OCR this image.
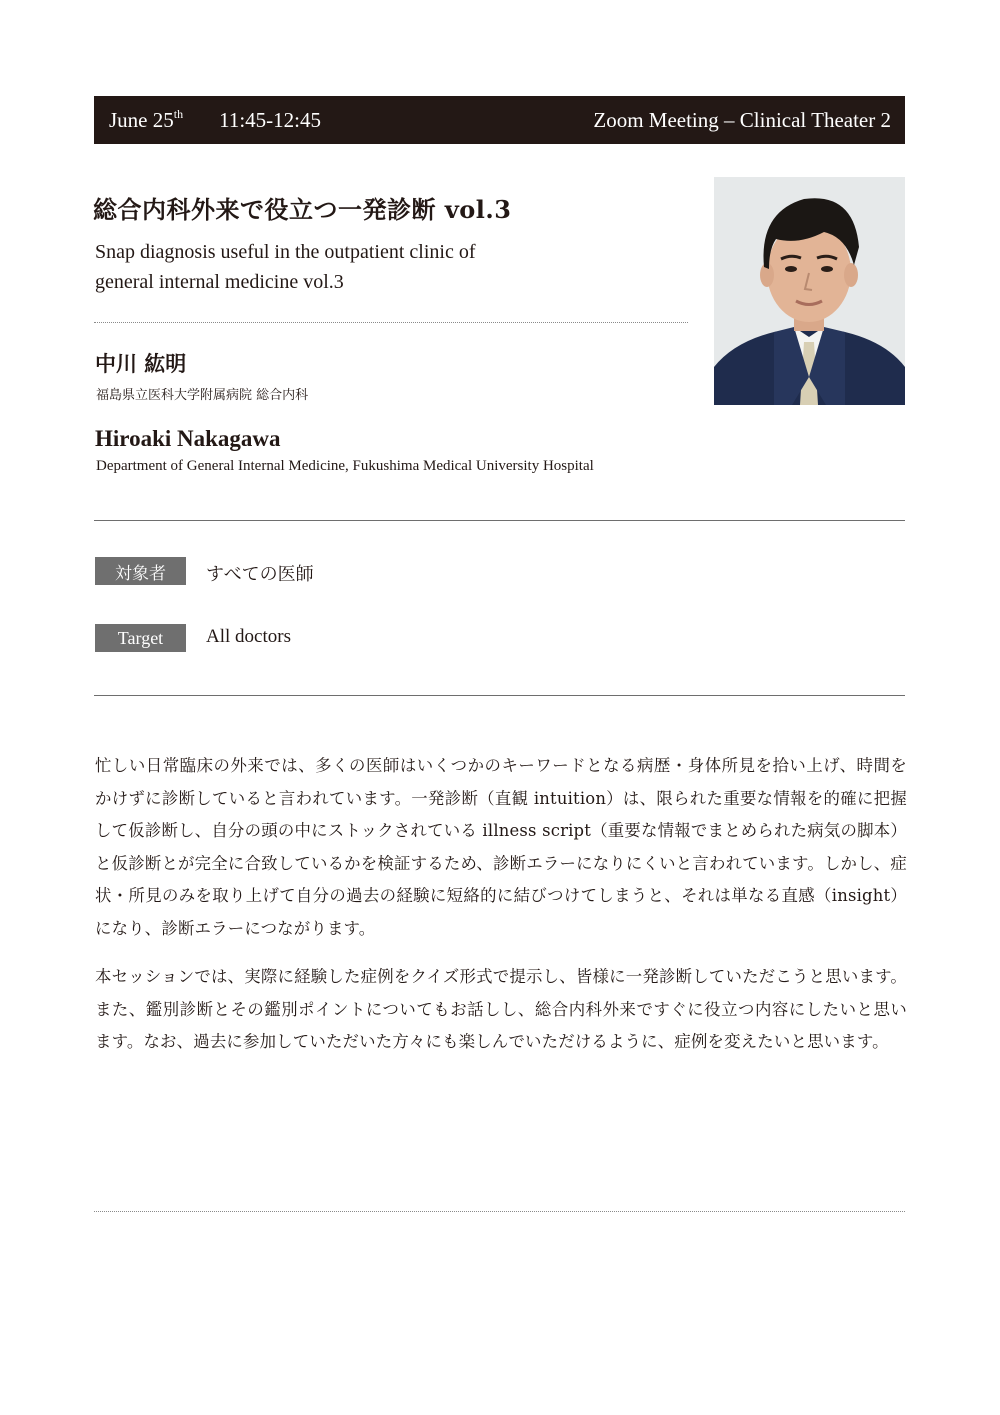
June 25th 11:45-12:45	Zoom Meeting – Clinical Theater 2
総合内科外来で役立つ一発診断 vol.3
Snap diagnosis useful in the outpatient clinic of
general internal medicine vol.3
中川 紘明
福島県立医科大学附属病院 総合内科
Hiroaki Nakagawa
Department of General Internal Medicine, Fukushima Medical University Hospital
対象者	すべての医師
Target	All doctors

忙しい日常臨床の外来では、多くの医師はいくつかのキーワードとなる病歴・身体所見を拾い上げ、時間をかけずに診断していると言われています。一発診断（直観 intuition）は、限られた重要な情報を的確に把握して仮診断し、自分の頭の中にストックされている illness script（重要な情報でまとめられた病気の脚本）と仮診断とが完全に合致しているかを検証するため、診断エラーになりにくいと言われています。しかし、症状・所見のみを取り上げて自分の過去の経験に短絡的に結びつけてしまうと、それは単なる直感（insight）になり、診断エラーにつながります。

本セッションでは、実際に経験した症例をクイズ形式で提示し、皆様に一発診断していただこうと思います。また、鑑別診断とその鑑別ポイントについてもお話しし、総合内科外来ですぐに役立つ内容にしたいと思います。なお、過去に参加していただいた方々にも楽しんでいただけるように、症例を変えたいと思います。
